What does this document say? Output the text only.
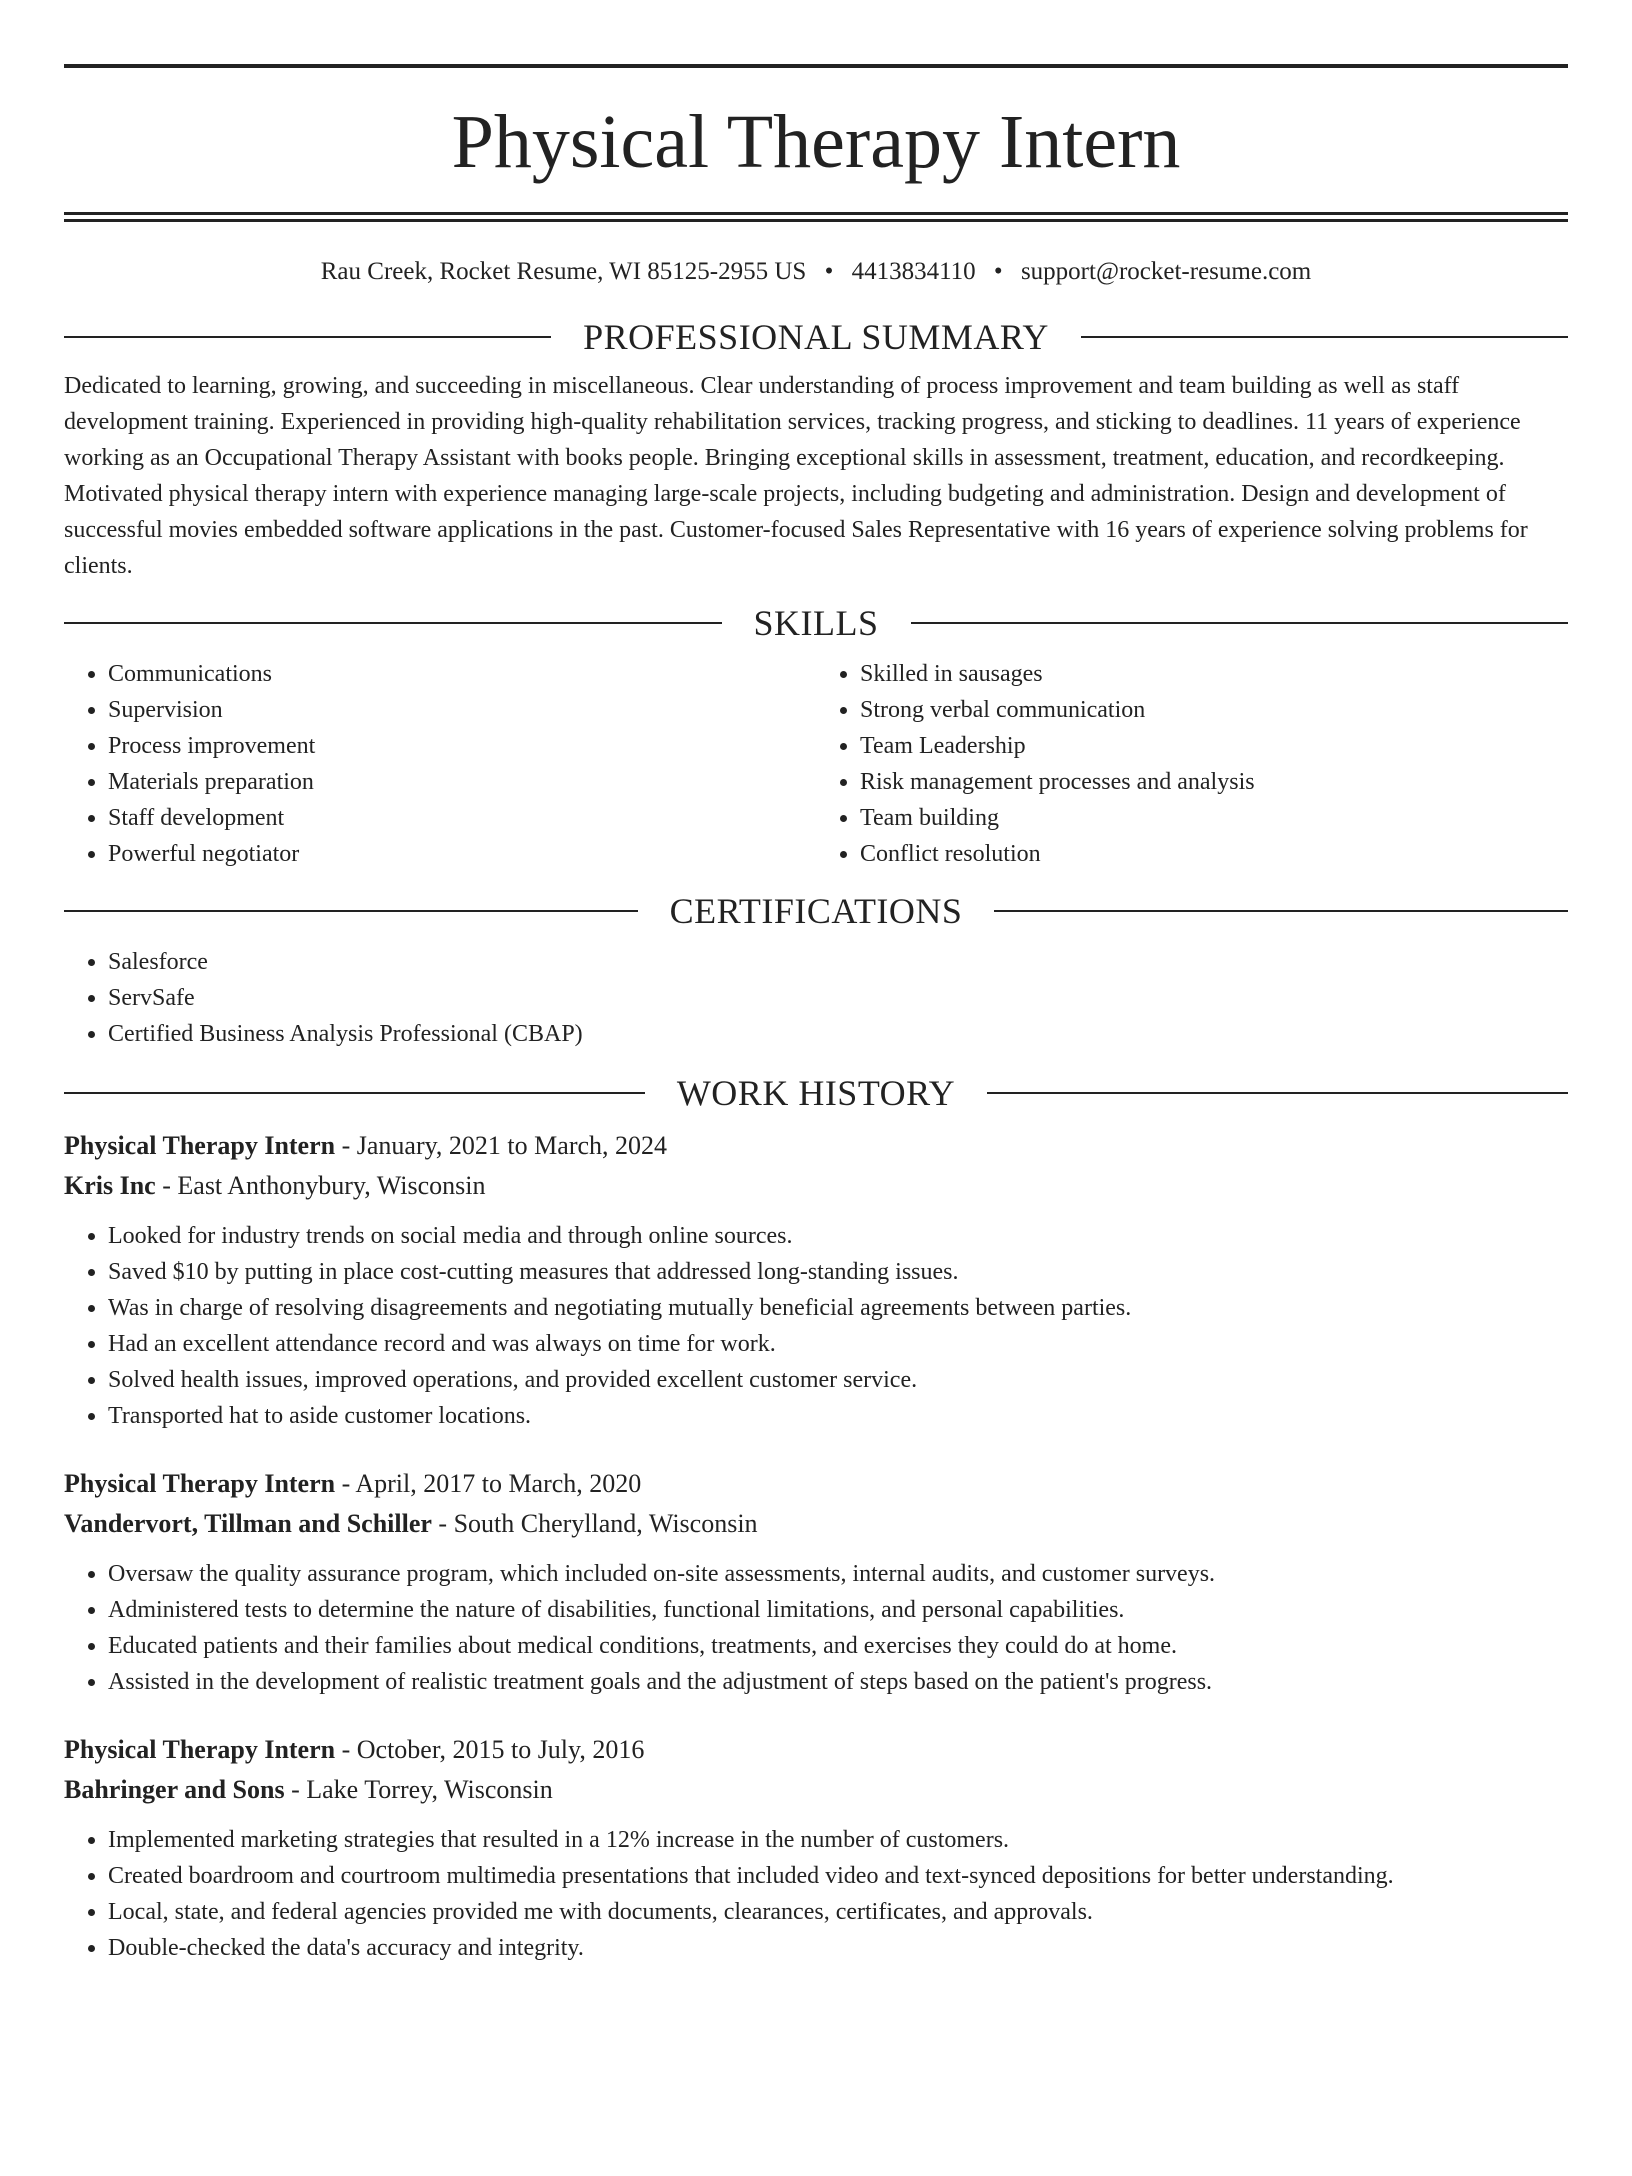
Physical Therapy Intern
Rau Creek, Rocket Resume, WI 85125-2955 US • 4413834110 • support@rocket-resume.com
PROFESSIONAL SUMMARY
Dedicated to learning, growing, and succeeding in miscellaneous. Clear understanding of process improvement and team building as well as staff development training. Experienced in providing high-quality rehabilitation services, tracking progress, and sticking to deadlines. 11 years of experience working as an Occupational Therapy Assistant with books people. Bringing exceptional skills in assessment, treatment, education, and recordkeeping. Motivated physical therapy intern with experience managing large-scale projects, including budgeting and administration. Design and development of successful movies embedded software applications in the past. Customer-focused Sales Representative with 16 years of experience solving problems for clients.
SKILLS
• Communications
• Supervision
• Process improvement
• Materials preparation
• Staff development
• Powerful negotiator
• Skilled in sausages
• Strong verbal communication
• Team Leadership
• Risk management processes and analysis
• Team building
• Conflict resolution
CERTIFICATIONS
• Salesforce
• ServSafe
• Certified Business Analysis Professional (CBAP)
WORK HISTORY
Physical Therapy Intern - January, 2021 to March, 2024
Kris Inc - East Anthonybury, Wisconsin
• Looked for industry trends on social media and through online sources.
• Saved $10 by putting in place cost-cutting measures that addressed long-standing issues.
• Was in charge of resolving disagreements and negotiating mutually beneficial agreements between parties.
• Had an excellent attendance record and was always on time for work.
• Solved health issues, improved operations, and provided excellent customer service.
• Transported hat to aside customer locations.
Physical Therapy Intern - April, 2017 to March, 2020
Vandervort, Tillman and Schiller - South Cherylland, Wisconsin
• Oversaw the quality assurance program, which included on-site assessments, internal audits, and customer surveys.
• Administered tests to determine the nature of disabilities, functional limitations, and personal capabilities.
• Educated patients and their families about medical conditions, treatments, and exercises they could do at home.
• Assisted in the development of realistic treatment goals and the adjustment of steps based on the patient's progress.
Physical Therapy Intern - October, 2015 to July, 2016
Bahringer and Sons - Lake Torrey, Wisconsin
• Implemented marketing strategies that resulted in a 12% increase in the number of customers.
• Created boardroom and courtroom multimedia presentations that included video and text-synced depositions for better understanding.
• Local, state, and federal agencies provided me with documents, clearances, certificates, and approvals.
• Double-checked the data's accuracy and integrity.
